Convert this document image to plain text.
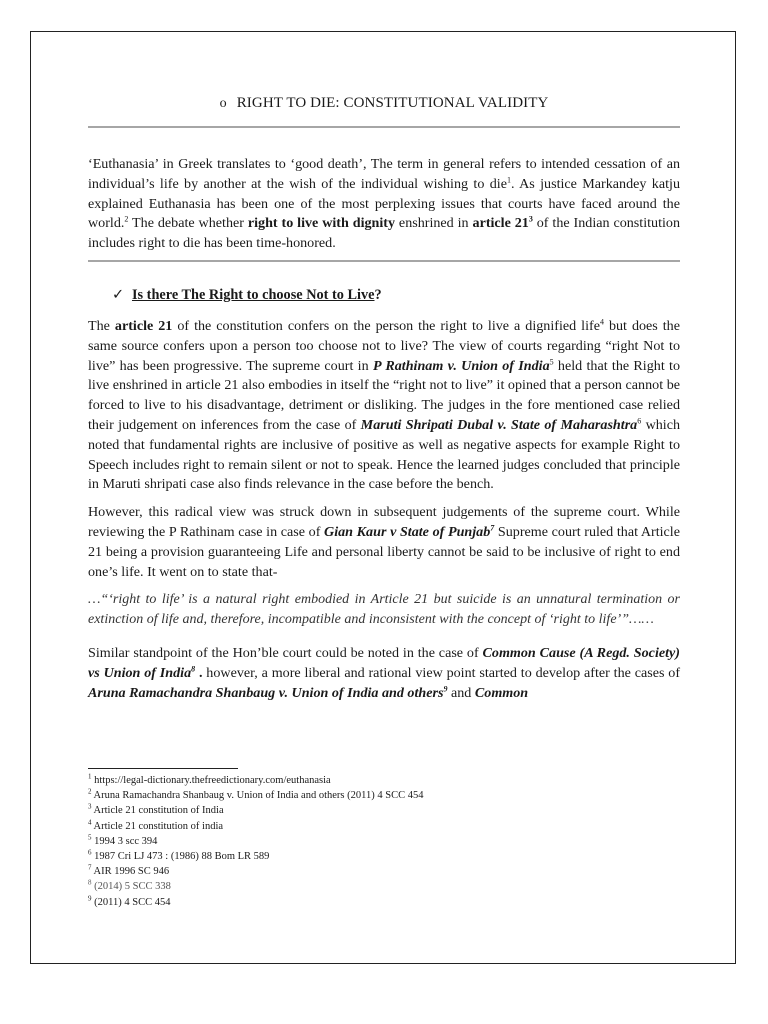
o RIGHT TO DIE: CONSTITUTIONAL VALIDITY

‘Euthanasia’ in Greek translates to ‘good death’, The term in general refers to intended cessation of an individual’s life by another at the wish of the individual wishing to die$^1$. As justice Markandey katju explained Euthanasia has been one of the most perplexing issues that courts have faced around the world.$^2$ The debate whether right to live with dignity enshrined in article $21^3$ of the Indian constitution includes right to die has been time-honored.

✓ Is there The Right to choose Not to Live?

The article 21 of the constitution confers on the person the right to live a dignified life$^4$ but does the same source confers upon a person too choose not to live? The view of courts regarding “right Not to live” has been progressive. The supreme court in P Rathinam v. Union of India$^5$ held that the Right to live enshrined in article 21 also embodies in itself the “right not to live” it opined that a person cannot be forced to live to his disadvantage, detriment or disliking. The judges in the fore mentioned case relied their judgement on inferences from the case of Maruti Shripati Dubal v. State of Maharashtra$^6$ which noted that fundamental rights are inclusive of positive as well as negative aspects for example Right to Speech includes right to remain silent or not to speak. Hence the learned judges concluded that principle in Maruti shripati case also finds relevance in the case before the bench.

However, this radical view was struck down in subsequent judgements of the supreme court. While reviewing the P Rathinam case in case of Gian Kaur v State of Punjab$^7$ Supreme court ruled that Article 21 being a provision guaranteeing Life and personal liberty cannot be said to be inclusive of right to end one’s life. It went on to state that-

…“‘right to life’ is a natural right embodied in Article 21 but suicide is an unnatural termination or extinction of life and, therefore, incompatible and inconsistent with the concept of ‘right to life’”……

Similar standpoint of the Hon’ble court could be noted in the case of Common Cause (A Regd. Society) vs Union of India$^8$ . however, a more liberal and rational view point started to develop after the cases of Aruna Ramachandra Shanbaug v. Union of India and others$^9$ and Common

$^1$ https://legal-dictionary.thefreedictionary.com/euthanasia

$^2$ Aruna Ramachandra Shanbaug v. Union of India and others (2011) 4 SCC 454

$^3$ Article 21 constitution of India

$^4$ Article 21 constitution of india

$^5$ 1994 3 scc 394

$^6$ 1987 Cri LJ 473 : (1986) 88 Bom LR 589

$^7$ AIR 1996 SC 946

$^8$ (2014) 5 SCC 338

$^9$ (2011) 4 SCC 454
